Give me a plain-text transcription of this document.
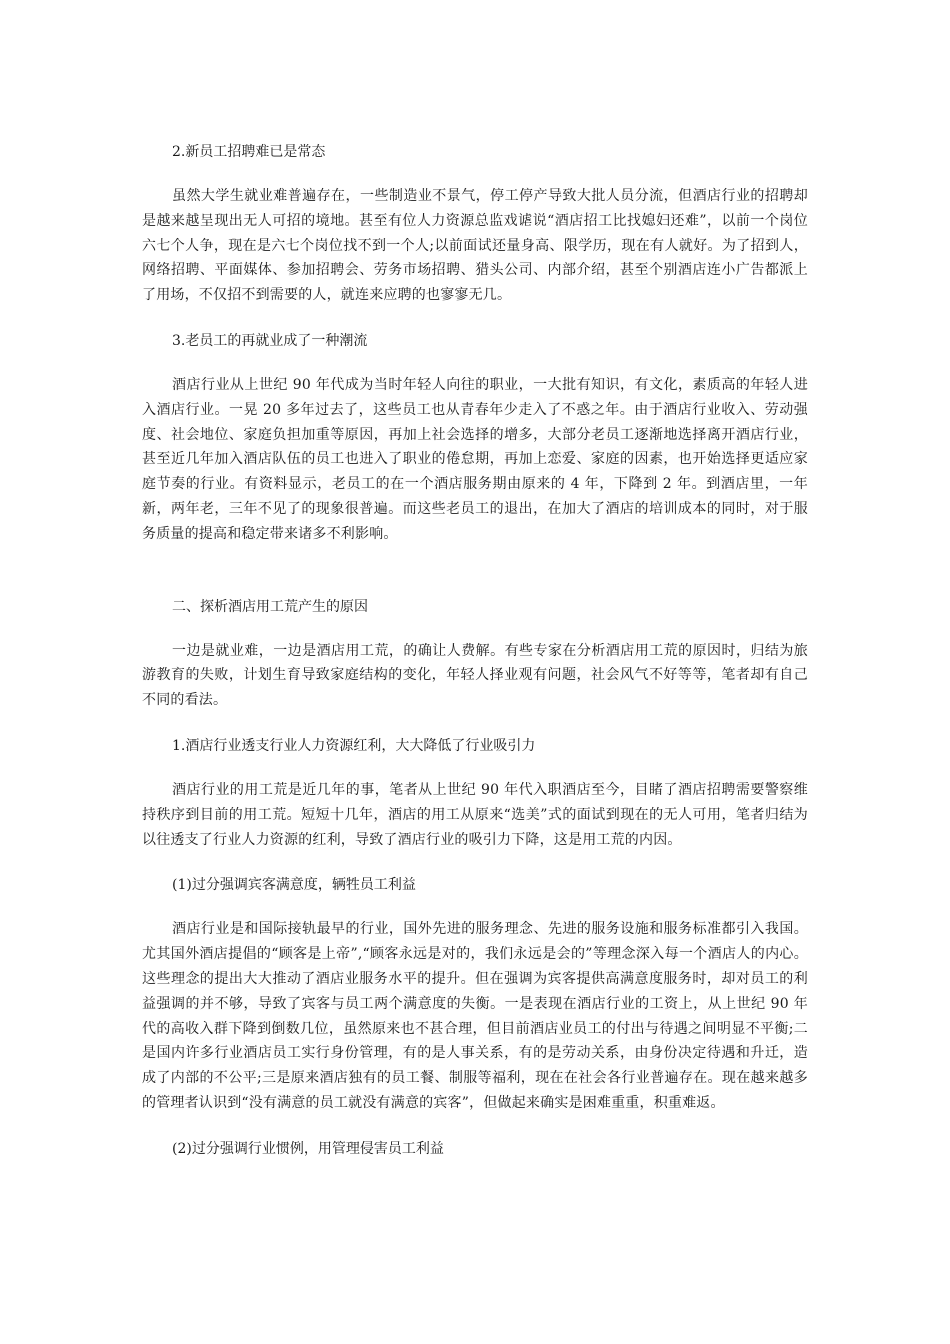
2.新员工招聘难已是常态

虽然大学生就业难普遍存在，一些制造业不景气，停工停产导致大批人员分流，但酒店行业的招聘却是越来越呈现出无人可招的境地。甚至有位人力资源总监戏谑说“酒店招工比找媳妇还难”，以前一个岗位六七个人争，现在是六七个岗位找不到一个人;以前面试还量身高、限学历，现在有人就好。为了招到人，网络招聘、平面媒体、参加招聘会、劳务市场招聘、猎头公司、内部介绍，甚至个别酒店连小广告都派上了用场，不仅招不到需要的人，就连来应聘的也寥寥无几。

3.老员工的再就业成了一种潮流

酒店行业从上世纪 90 年代成为当时年轻人向往的职业，一大批有知识，有文化，素质高的年轻人进入酒店行业。一晃 20 多年过去了，这些员工也从青春年少走入了不惑之年。由于酒店行业收入、劳动强度、社会地位、家庭负担加重等原因，再加上社会选择的增多，大部分老员工逐渐地选择离开酒店行业，甚至近几年加入酒店队伍的员工也进入了职业的倦怠期，再加上恋爱、家庭的因素，也开始选择更适应家庭节奏的行业。有资料显示，老员工的在一个酒店服务期由原来的 4 年，下降到 2 年。到酒店里，一年新，两年老，三年不见了的现象很普遍。而这些老员工的退出，在加大了酒店的培训成本的同时，对于服务质量的提高和稳定带来诸多不利影响。

二、探析酒店用工荒产生的原因

一边是就业难，一边是酒店用工荒，的确让人费解。有些专家在分析酒店用工荒的原因时，归结为旅游教育的失败，计划生育导致家庭结构的变化，年轻人择业观有问题，社会风气不好等等，笔者却有自己不同的看法。

1.酒店行业透支行业人力资源红利，大大降低了行业吸引力

酒店行业的用工荒是近几年的事，笔者从上世纪 90 年代入职酒店至今，目睹了酒店招聘需要警察维持秩序到目前的用工荒。短短十几年，酒店的用工从原来“选美”式的面试到现在的无人可用，笔者归结为以往透支了行业人力资源的红利，导致了酒店行业的吸引力下降，这是用工荒的内因。

(1)过分强调宾客满意度，辆牲员工利益

酒店行业是和国际接轨最早的行业，国外先进的服务理念、先进的服务设施和服务标准都引入我国。尤其国外酒店提倡的“顾客是上帝”,“顾客永远是对的，我们永远是会的”等理念深入每一个酒店人的内心。这些理念的提出大大推动了酒店业服务水平的提升。但在强调为宾客提供高满意度服务时，却对员工的利益强调的并不够，导致了宾客与员工两个满意度的失衡。一是表现在酒店行业的工资上，从上世纪 90 年代的高收入群下降到倒数几位，虽然原来也不甚合理，但目前酒店业员工的付出与待遇之间明显不平衡;二是国内许多行业酒店员工实行身份管理，有的是人事关系，有的是劳动关系，由身份决定待遇和升迁，造成了内部的不公平;三是原来酒店独有的员工餐、制服等福利，现在在社会各行业普遍存在。现在越来越多的管理者认识到“没有满意的员工就没有满意的宾客”，但做起来确实是困难重重，积重难返。

(2)过分强调行业惯例，用管理侵害员工利益
